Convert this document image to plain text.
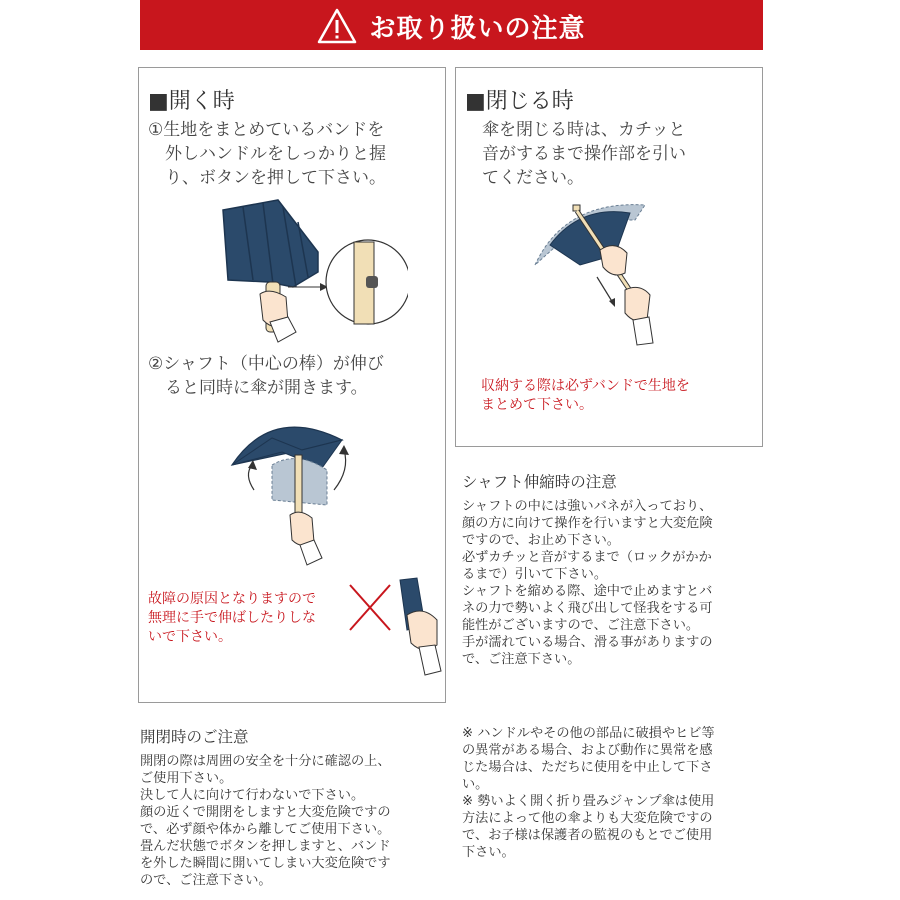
お取り扱いの注意
■開く時
①生地をまとめているバンドを
　外しハンドルをしっかりと握
　り、ボタンを押して下さい。
②シャフト（中心の棒）が伸び
　ると同時に傘が開きます。
故障の原因となりますので
無理に手で伸ばしたりしな
いで下さい。
■閉じる時
傘を閉じる時は、カチッと
音がするまで操作部を引い
てください。
収納する際は必ずバンドで生地を
まとめて下さい。
シャフト伸縮時の注意
シャフトの中には強いバネが入っており、
顔の方に向けて操作を行いますと大変危険
ですので、お止め下さい。
必ずカチッと音がするまで（ロックがかか
るまで）引いて下さい。
シャフトを縮める際、途中で止めますとバ
ネの力で勢いよく飛び出して怪我をする可
能性がございますので、ご注意下さい。
手が濡れている場合、滑る事がありますの
で、ご注意下さい。
開閉時のご注意
開閉の際は周囲の安全を十分に確認の上、
ご使用下さい。
決して人に向けて行わないで下さい。
顔の近くで開閉をしますと大変危険ですの
で、必ず顔や体から離してご使用下さい。
畳んだ状態でボタンを押しますと、バンド
を外した瞬間に開いてしまい大変危険です
ので、ご注意下さい。
※ ハンドルやその他の部品に破損やヒビ等
の異常がある場合、および動作に異常を感
じた場合は、ただちに使用を中止して下さ
い。
※ 勢いよく開く折り畳みジャンプ傘は使用
方法によって他の傘よりも大変危険ですの
で、お子様は保護者の監視のもとでご使用
下さい。
